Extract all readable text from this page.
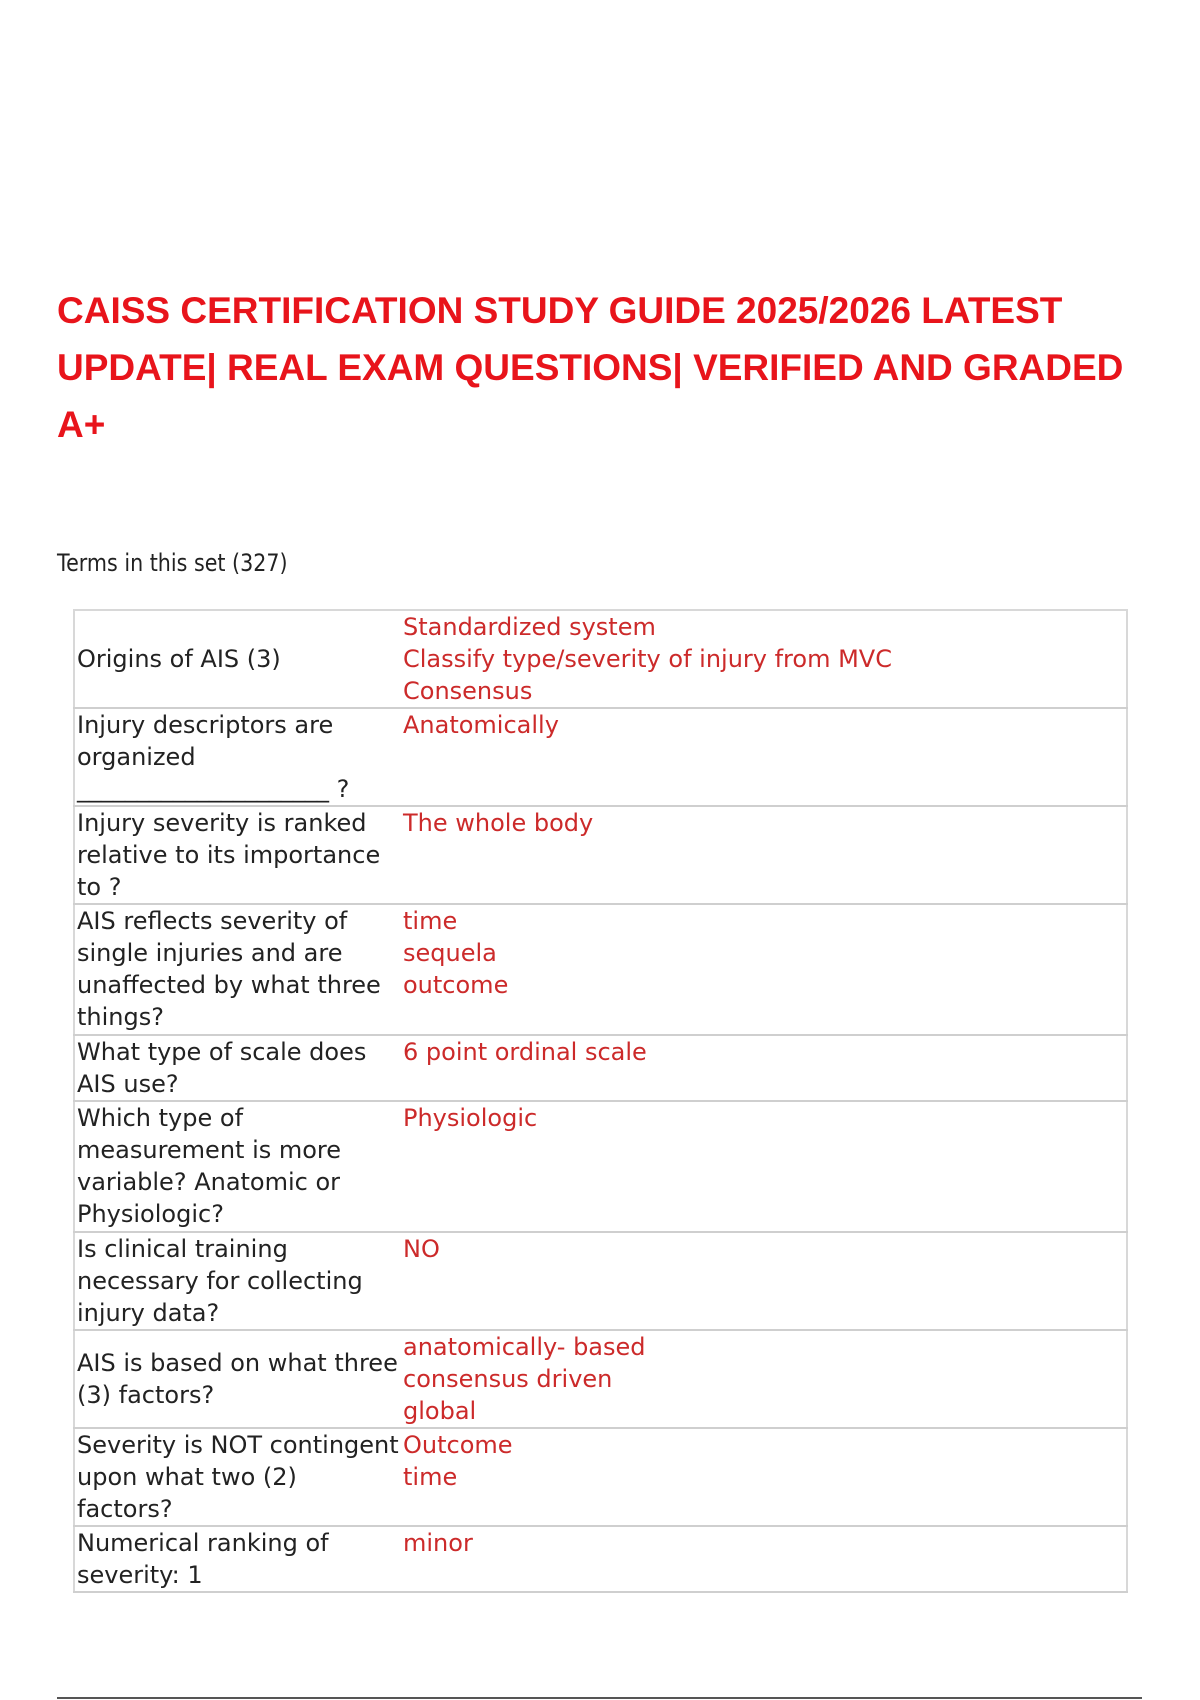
CAISS CERTIFICATION STUDY GUIDE 2025/2026 LATEST UPDATE| REAL EXAM QUESTIONS| VERIFIED AND GRADED A+
Terms in this set (327)
Origins of AIS (3)	Standardized system
Classify type/severity of injury from MVC
Consensus

Injury descriptors are organized
_____________________ ?	Anatomically

Injury severity is ranked relative to its importance
to ?	The whole body

AIS reflects severity of single injuries and are unaffected by what three things?	time
sequela
outcome

What type of scale does AIS use?	6 point ordinal scale

Which type of measurement is more variable? Anatomic or Physiologic?	Physiologic

Is clinical training necessary for collecting injury data?	NO

AIS is based on what three (3) factors?	anatomically- based
consensus driven
global

Severity is NOT contingent upon what two (2) factors?	Outcome
time

Numerical ranking of severity: 1	minor
